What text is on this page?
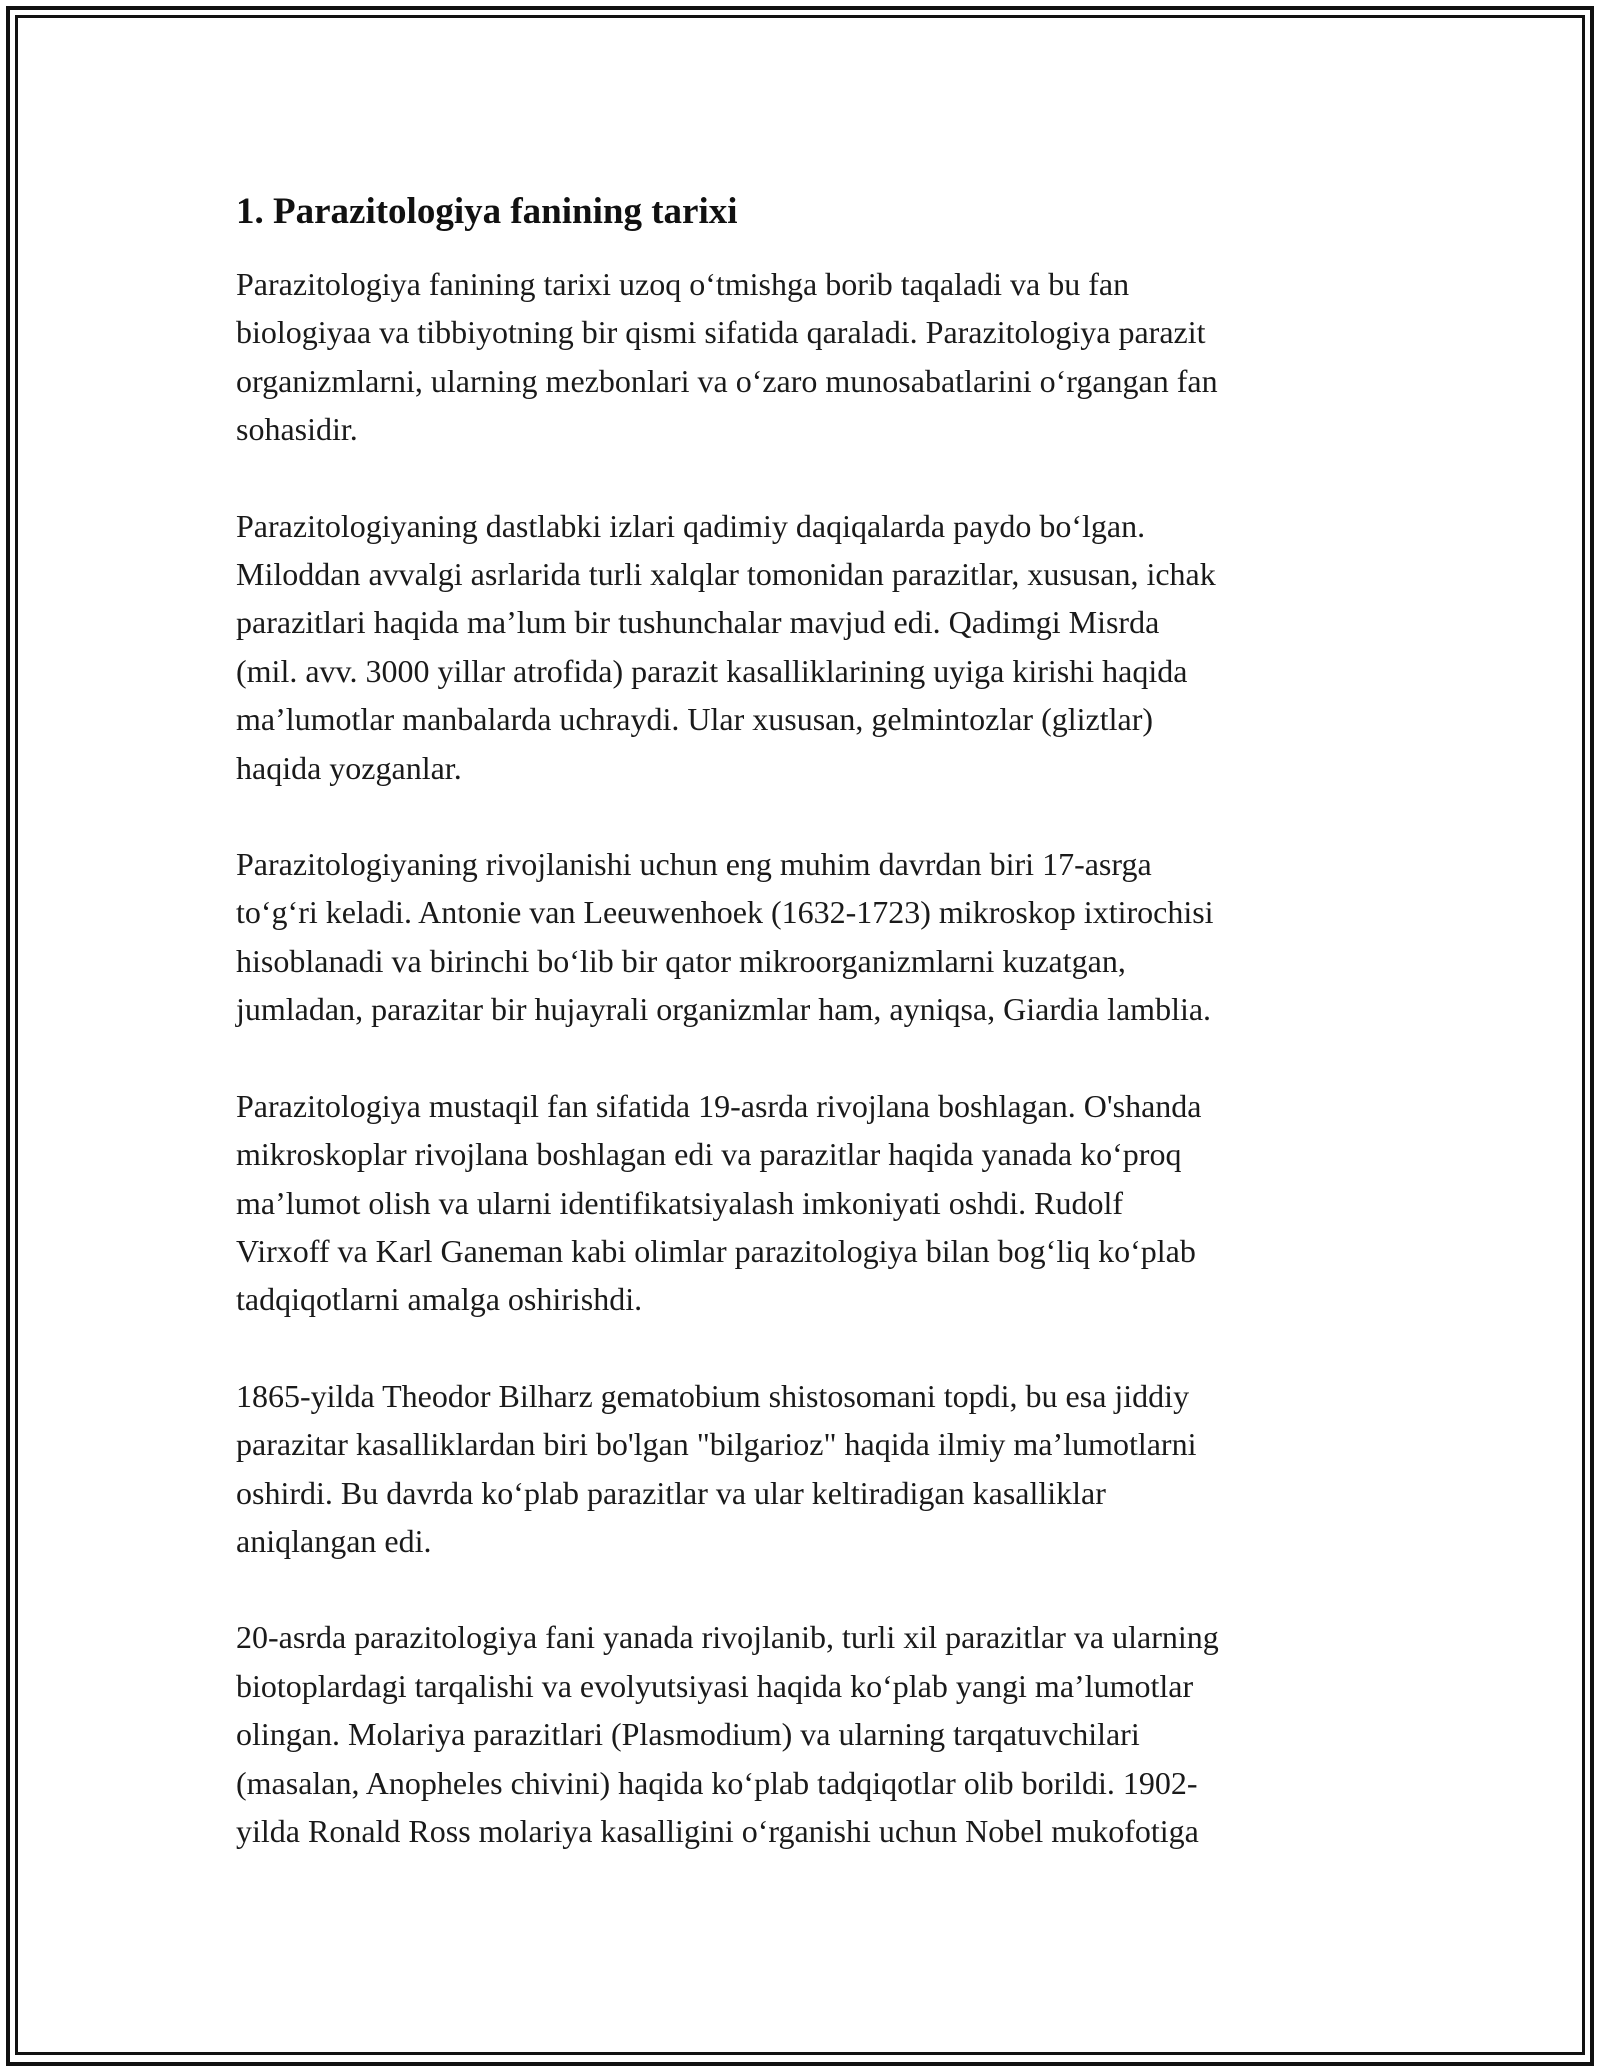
1. Parazitologiya fanining tarixi

Parazitologiya fanining tarixi uzoq o‘tmishga borib taqaladi va bu fan
biologiyaa va tibbiyotning bir qismi sifatida qaraladi. Parazitologiya parazit
organizmlarni, ularning mezbonlari va o‘zaro munosabatlarini o‘rgangan fan
sohasidir.

Parazitologiyaning dastlabki izlari qadimiy daqiqalarda paydo bo‘lgan.
Miloddan avvalgi asrlarida turli xalqlar tomonidan parazitlar, xususan, ichak
parazitlari haqida ma’lum bir tushunchalar mavjud edi. Qadimgi Misrda
(mil. avv. 3000 yillar atrofida) parazit kasalliklarining uyiga kirishi haqida
ma’lumotlar manbalarda uchraydi. Ular xususan, gelmintozlar (gliztlar)
haqida yozganlar.

Parazitologiyaning rivojlanishi uchun eng muhim davrdan biri 17-asrga
to‘g‘ri keladi. Antonie van Leeuwenhoek (1632-1723) mikroskop ixtirochisi
hisoblanadi va birinchi bo‘lib bir qator mikroorganizmlarni kuzatgan,
jumladan, parazitar bir hujayrali organizmlar ham, ayniqsa, Giardia lamblia.

Parazitologiya mustaqil fan sifatida 19-asrda rivojlana boshlagan. O'shanda
mikroskoplar rivojlana boshlagan edi va parazitlar haqida yanada ko‘proq
ma’lumot olish va ularni identifikatsiyalash imkoniyati oshdi. Rudolf
Virxoff va Karl Ganeman kabi olimlar parazitologiya bilan bog‘liq ko‘plab
tadqiqotlarni amalga oshirishdi.

1865-yilda Theodor Bilharz gematobium shistosomani topdi, bu esa jiddiy
parazitar kasalliklardan biri bo'lgan "bilgarioz" haqida ilmiy ma’lumotlarni
oshirdi. Bu davrda ko‘plab parazitlar va ular keltiradigan kasalliklar
aniqlangan edi.

20-asrda parazitologiya fani yanada rivojlanib, turli xil parazitlar va ularning
biotoplardagi tarqalishi va evolyutsiyasi haqida ko‘plab yangi ma’lumotlar
olingan. Molariya parazitlari (Plasmodium) va ularning tarqatuvchilari
(masalan, Anopheles chivini) haqida ko‘plab tadqiqotlar olib borildi. 1902-
yilda Ronald Ross molariya kasalligini o‘rganishi uchun Nobel mukofotiga
